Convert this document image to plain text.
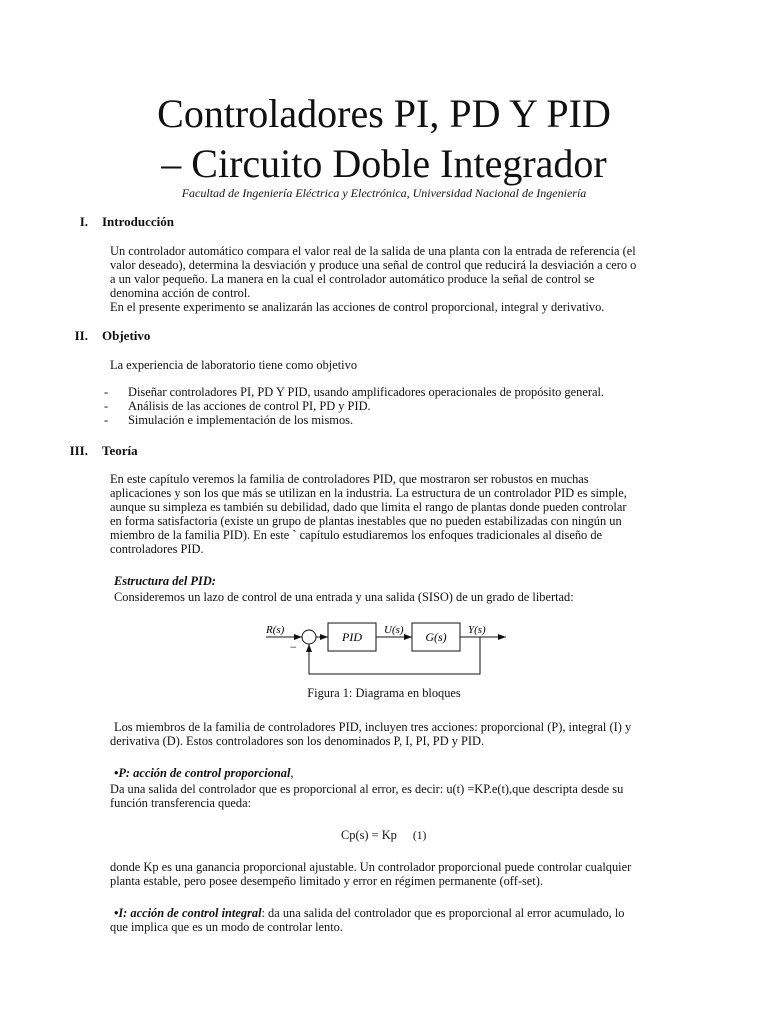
Controladores PI, PD Y PID
– Circuito Doble Integrador
Facultad de Ingeniería Eléctrica y Electrónica, Universidad Nacional de Ingeniería
I. Introducción

Un controlador automático compara el valor real de la salida de una planta con la entrada de referencia (el

valor deseado), determina la desviación y produce una señal de control que reducirá la desviación a cero o

a un valor pequeño. La manera en la cual el controlador automático produce la señal de control se

denomina acción de control.

En el presente experimento se analizarán las acciones de control proporcional, integral y derivativo.

II. Objetivo
La experiencia de laboratorio tiene como objetivo
- Diseñar controladores PI, PD Y PID, usando amplificadores operacionales de propósito general.
- Análisis de las acciones de control PI, PD y PID.
- Simulación e implementación de los mismos.
III. Teoría

En este capítulo veremos la familia de controladores PID, que mostraron ser robustos en muchas

aplicaciones y son los que más se utilizan en la industria. La estructura de un controlador PID es simple,

aunque su simpleza es también su debilidad, dado que limita el rango de plantas donde pueden controlar

en forma satisfactoria (existe un grupo de plantas inestables que no pueden estabilizadas con ningún un

miembro de la familia PID). En este ` capítulo estudiaremos los enfoques tradicionales al diseño de

controladores PID.

Estructura del PID:
Consideremos un lazo de control de una entrada y una salida (SISO) de un grado de libertad:
R(s)
−
PID U(s) G(s) Y(s)
Figura 1: Diagrama en bloques

Los miembros de la familia de controladores PID, incluyen tres acciones: proporcional (P), integral (I) y

derivativa (D). Estos controladores son los denominados P, I, PI, PD y PID.

•P: acción de control proporcional,

Da una salida del controlador que es proporcional al error, es decir: u(t) =KP.e(t),que descripta desde su

función transferencia queda:

Cp(s) = Kp (1)

donde Kp es una ganancia proporcional ajustable. Un controlador proporcional puede controlar cualquier

planta estable, pero posee desempeño limitado y error en régimen permanente (off-set).

•I: acción de control integral: da una salida del controlador que es proporcional al error acumulado, lo

que implica que es un modo de controlar lento.
